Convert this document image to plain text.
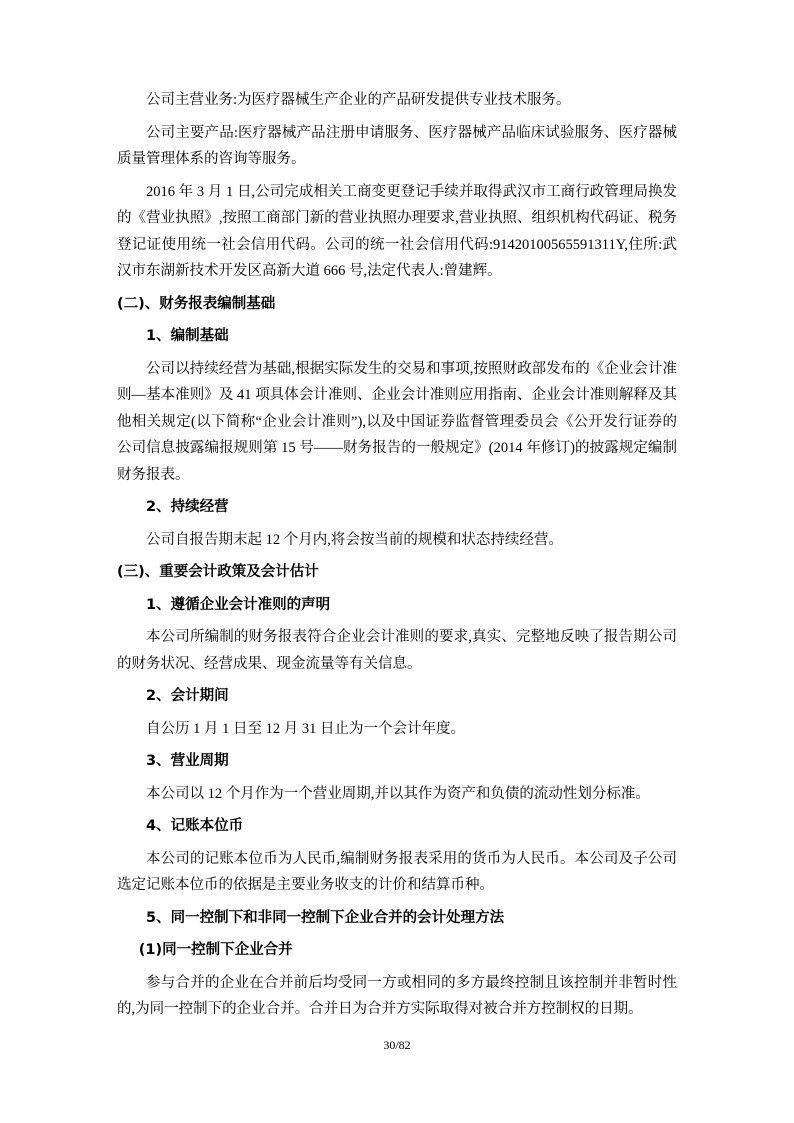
公司主营业务:为医疗器械生产企业的产品研发提供专业技术服务。

公司主要产品:医疗器械产品注册申请服务、医疗器械产品临床试验服务、医疗器械质量管理体系的咨询等服务。

2016 年 3 月 1 日,公司完成相关工商变更登记手续并取得武汉市工商行政管理局换发的《营业执照》,按照工商部门新的营业执照办理要求,营业执照、组织机构代码证、税务登记证使用统一社会信用代码。公司的统一社会信用代码:91420100565591311Y,住所:武汉市东湖新技术开发区高新大道 666 号,法定代表人:曾建辉。

(二)、财务报表编制基础

1、编制基础

公司以持续经营为基础,根据实际发生的交易和事项,按照财政部发布的《企业会计准则—基本准则》及 41 项具体会计准则、企业会计准则应用指南、企业会计准则解释及其他相关规定(以下简称“企业会计准则”),以及中国证券监督管理委员会《公开发行证券的公司信息披露编报规则第 15 号——财务报告的一般规定》(2014 年修订)的披露规定编制财务报表。

2、持续经营

公司自报告期末起 12 个月内,将会按当前的规模和状态持续经营。

(三)、重要会计政策及会计估计

1、遵循企业会计准则的声明

本公司所编制的财务报表符合企业会计准则的要求,真实、完整地反映了报告期公司的财务状况、经营成果、现金流量等有关信息。

2、会计期间

自公历 1 月 1 日至 12 月 31 日止为一个会计年度。

3、营业周期

本公司以 12 个月作为一个营业周期,并以其作为资产和负债的流动性划分标准。

4、记账本位币

本公司的记账本位币为人民币,编制财务报表采用的货币为人民币。本公司及子公司选定记账本位币的依据是主要业务收支的计价和结算币种。

5、同一控制下和非同一控制下企业合并的会计处理方法

(1)同一控制下企业合并

参与合并的企业在合并前后均受同一方或相同的多方最终控制且该控制并非暂时性的,为同一控制下的企业合并。合并日为合并方实际取得对被合并方控制权的日期。

30/82
